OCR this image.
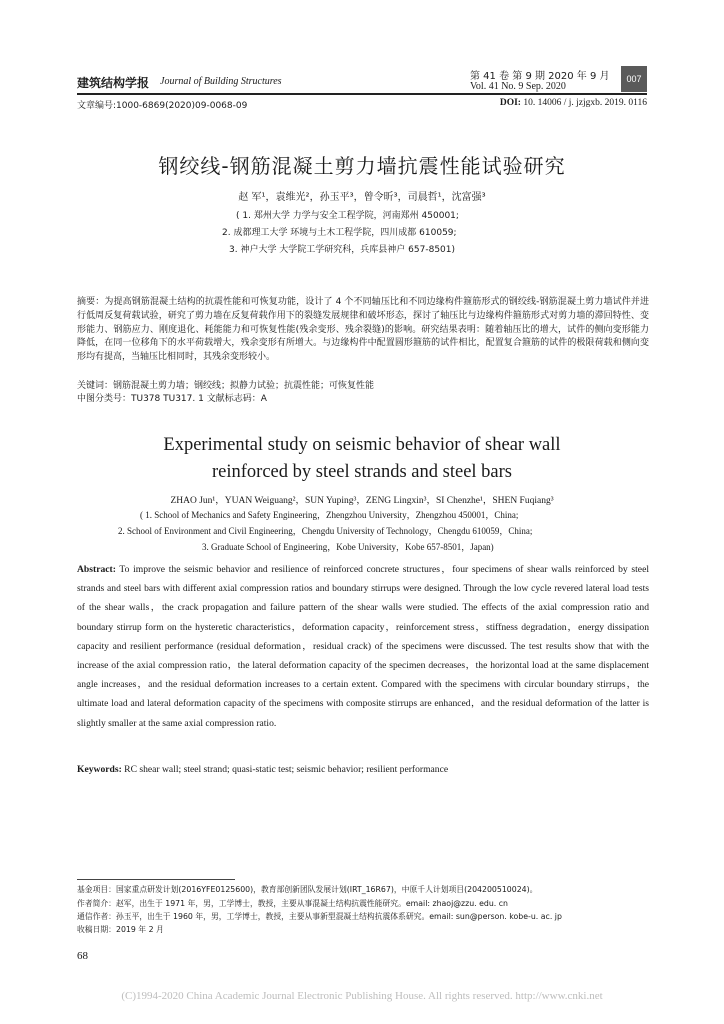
建筑结构学报 Journal of Building Structures	第 41 卷 第 9 期 2020 年 9 月
Vol. 41 No. 9 Sep. 2020
007
文章编号:1000-6869(2020)09-0068-09	DOI: 10. 14006 / j. jzjgxb. 2019. 0116
钢绞线-钢筋混凝土剪力墙抗震性能试验研究
赵 军¹，袁维光²，孙玉平³，曾令昕³，司晨哲¹，沈富强³
( 1. 郑州大学 力学与安全工程学院，河南郑州 450001;
2. 成都理工大学 环境与土木工程学院，四川成都 610059;
3. 神户大学 大学院工学研究科，兵库县神户 657-8501)
摘要：为提高钢筋混凝土结构的抗震性能和可恢复功能，设计了 4 个不同轴压比和不同边缘构件箍筋形式的钢绞线-钢筋混凝土剪力墙试件并进行低周反复荷载试验，研究了剪力墙在反复荷载作用下的裂缝发展规律和破坏形态，探讨了轴压比与边缘构件箍筋形式对剪力墙的滞回特性、变形能力、钢筋应力、刚度退化、耗能能力和可恢复性能(残余变形、残余裂缝)的影响。研究结果表明：随着轴压比的增大，试件的侧向变形能力降低，在同一位移角下的水平荷载增大，残余变形有所增大。与边缘构件中配置圆形箍筋的试件相比，配置复合箍筋的试件的极限荷载和侧向变形均有提高，当轴压比相同时，其残余变形较小。
关键词：钢筋混凝土剪力墙；钢绞线；拟静力试验；抗震性能；可恢复性能
中图分类号：TU378 TU317. 1 文献标志码：A
Experimental study on seismic behavior of shear wall
reinforced by steel strands and steel bars
ZHAO Jun¹，YUAN Weiguang²，SUN Yuping³，ZENG Lingxin³，SI Chenzhe¹，SHEN Fuqiang³
( 1. School of Mechanics and Safety Engineering，Zhengzhou University，Zhengzhou 450001，China;
2. School of Environment and Civil Engineering，Chengdu University of Technology，Chengdu 610059，China;
3. Graduate School of Engineering，Kobe University，Kobe 657-8501，Japan)
Abstract: To improve the seismic behavior and resilience of reinforced concrete structures，four specimens of shear walls reinforced by steel strands and steel bars with different axial compression ratios and boundary stirrups were designed. Through the low cycle revered lateral load tests of the shear walls，the crack propagation and failure pattern of the shear walls were studied. The effects of the axial compression ratio and boundary stirrup form on the hysteretic characteristics，deformation capacity，reinforcement stress，stiffness degradation，energy dissipation capacity and resilient performance (residual deformation，residual crack) of the specimens were discussed. The test results show that with the increase of the axial compression ratio，the lateral deformation capacity of the specimen decreases，the horizontal load at the same displacement angle increases，and the residual deformation increases to a certain extent. Compared with the specimens with circular boundary stirrups，the ultimate load and lateral deformation capacity of the specimens with composite stirrups are enhanced，and the residual deformation of the latter is slightly smaller at the same axial compression ratio.
Keywords: RC shear wall; steel strand; quasi-static test; seismic behavior; resilient performance
基金项目：国家重点研发计划(2016YFE0125600)，教育部创新团队发展计划(IRT_16R67)，中原千人计划项目(204200510024)。
作者简介：赵军，出生于 1971 年，男，工学博士，教授，主要从事混凝土结构抗震性能研究。email: zhaoj@zzu. edu. cn
通信作者：孙玉平，出生于 1960 年，男，工学博士，教授，主要从事新型混凝土结构抗震体系研究。email: sun@person. kobe-u. ac. jp
收稿日期：2019 年 2 月
68
(C)1994-2020 China Academic Journal Electronic Publishing House. All rights reserved. http://www.cnki.net
